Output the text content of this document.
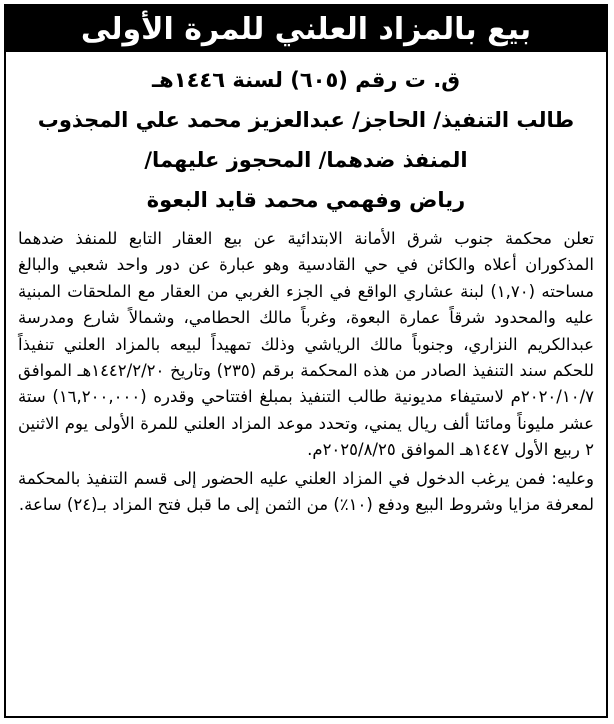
بيع بالمزاد العلني للمرة الأولى
ق. ت رقم (٦٠٥) لسنة ١٤٤٦هـ
طالب التنفيذ/ الحاجز/ عبدالعزيز محمد علي المجذوب
المنفذ ضدهما/ المحجوز عليهما/
رياض وفهمي محمد قايد البعوة

تعلن محكمة جنوب شرق الأمانة الابتدائية عن بيع العقار التابع للمنفذ ضدهما المذكوران أعلاه والكائن في حي القادسية وهو عبارة عن دور واحد شعبي والبالغ مساحته (١,٧٠) لبنة عشاري الواقع في الجزء الغربي من العقار مع الملحقات المبنية عليه والمحدود شرقاً عمارة البعوة، وغرباً مالك الحطامي، وشمالاً شارع ومدرسة عبدالكريم النزاري، وجنوباً مالك الرياشي وذلك تمهيداً لبيعه بالمزاد العلني تنفيذاً للحكم سند التنفيذ الصادر من هذه المحكمة برقم (٢٣٥) وتاريخ ١٤٤٢/٢/٢٠هـ الموافق ٢٠٢٠/١٠/٧م لاستيفاء مديونية طالب التنفيذ بمبلغ افتتاحي وقدره (١٦,٢٠٠,٠٠٠) ستة عشر مليوناً ومائتا ألف ريال يمني، وتحدد موعد المزاد العلني للمرة الأولى يوم الاثنين ٢ ربيع الأول ١٤٤٧هـ الموافق ٢٠٢٥/٨/٢٥م.

وعليه: فمن يرغب الدخول في المزاد العلني عليه الحضور إلى قسم التنفيذ بالمحكمة لمعرفة مزايا وشروط البيع ودفع (١٠٪) من الثمن إلى ما قبل فتح المزاد بـ(٢٤) ساعة.
